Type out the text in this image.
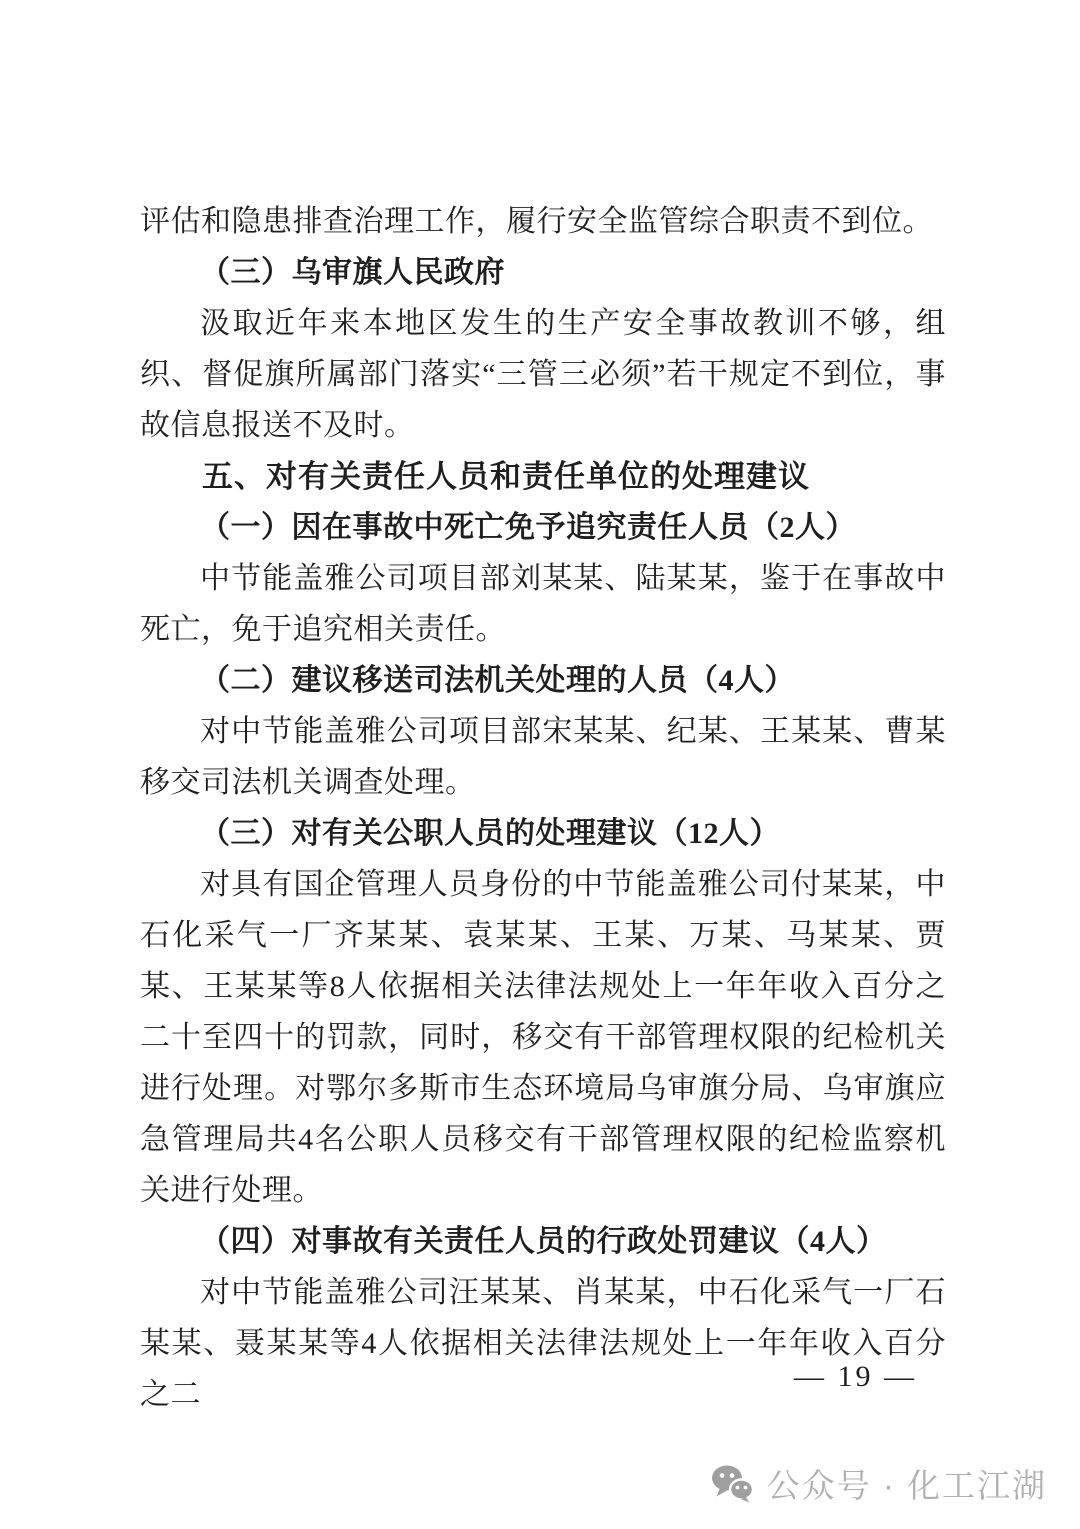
评估和隐患排查治理工作，履行安全监管综合职责不到位。

（三）乌审旗人民政府

汲取近年来本地区发生的生产安全事故教训不够，组织、督促旗所属部门落实“三管三必须”若干规定不到位，事故信息报送不及时。

五、对有关责任人员和责任单位的处理建议

（一）因在事故中死亡免予追究责任人员（2人）

中节能盖雅公司项目部刘某某、陆某某，鉴于在事故中死亡，免于追究相关责任。

（二）建议移送司法机关处理的人员（4人）

对中节能盖雅公司项目部宋某某、纪某、王某某、曹某移交司法机关调查处理。

（三）对有关公职人员的处理建议（12人）

对具有国企管理人员身份的中节能盖雅公司付某某，中石化采气一厂齐某某、袁某某、王某、万某、马某某、贾某、王某某等8人依据相关法律法规处上一年年收入百分之二十至四十的罚款，同时，移交有干部管理权限的纪检机关进行处理。对鄂尔多斯市生态环境局乌审旗分局、乌审旗应急管理局共4名公职人员移交有干部管理权限的纪检监察机关进行处理。

（四）对事故有关责任人员的行政处罚建议（4人）

对中节能盖雅公司汪某某、肖某某，中石化采气一厂石某某、聂某某等4人依据相关法律法规处上一年年收入百分之二

— 19 —
公众号 · 化工江湖
